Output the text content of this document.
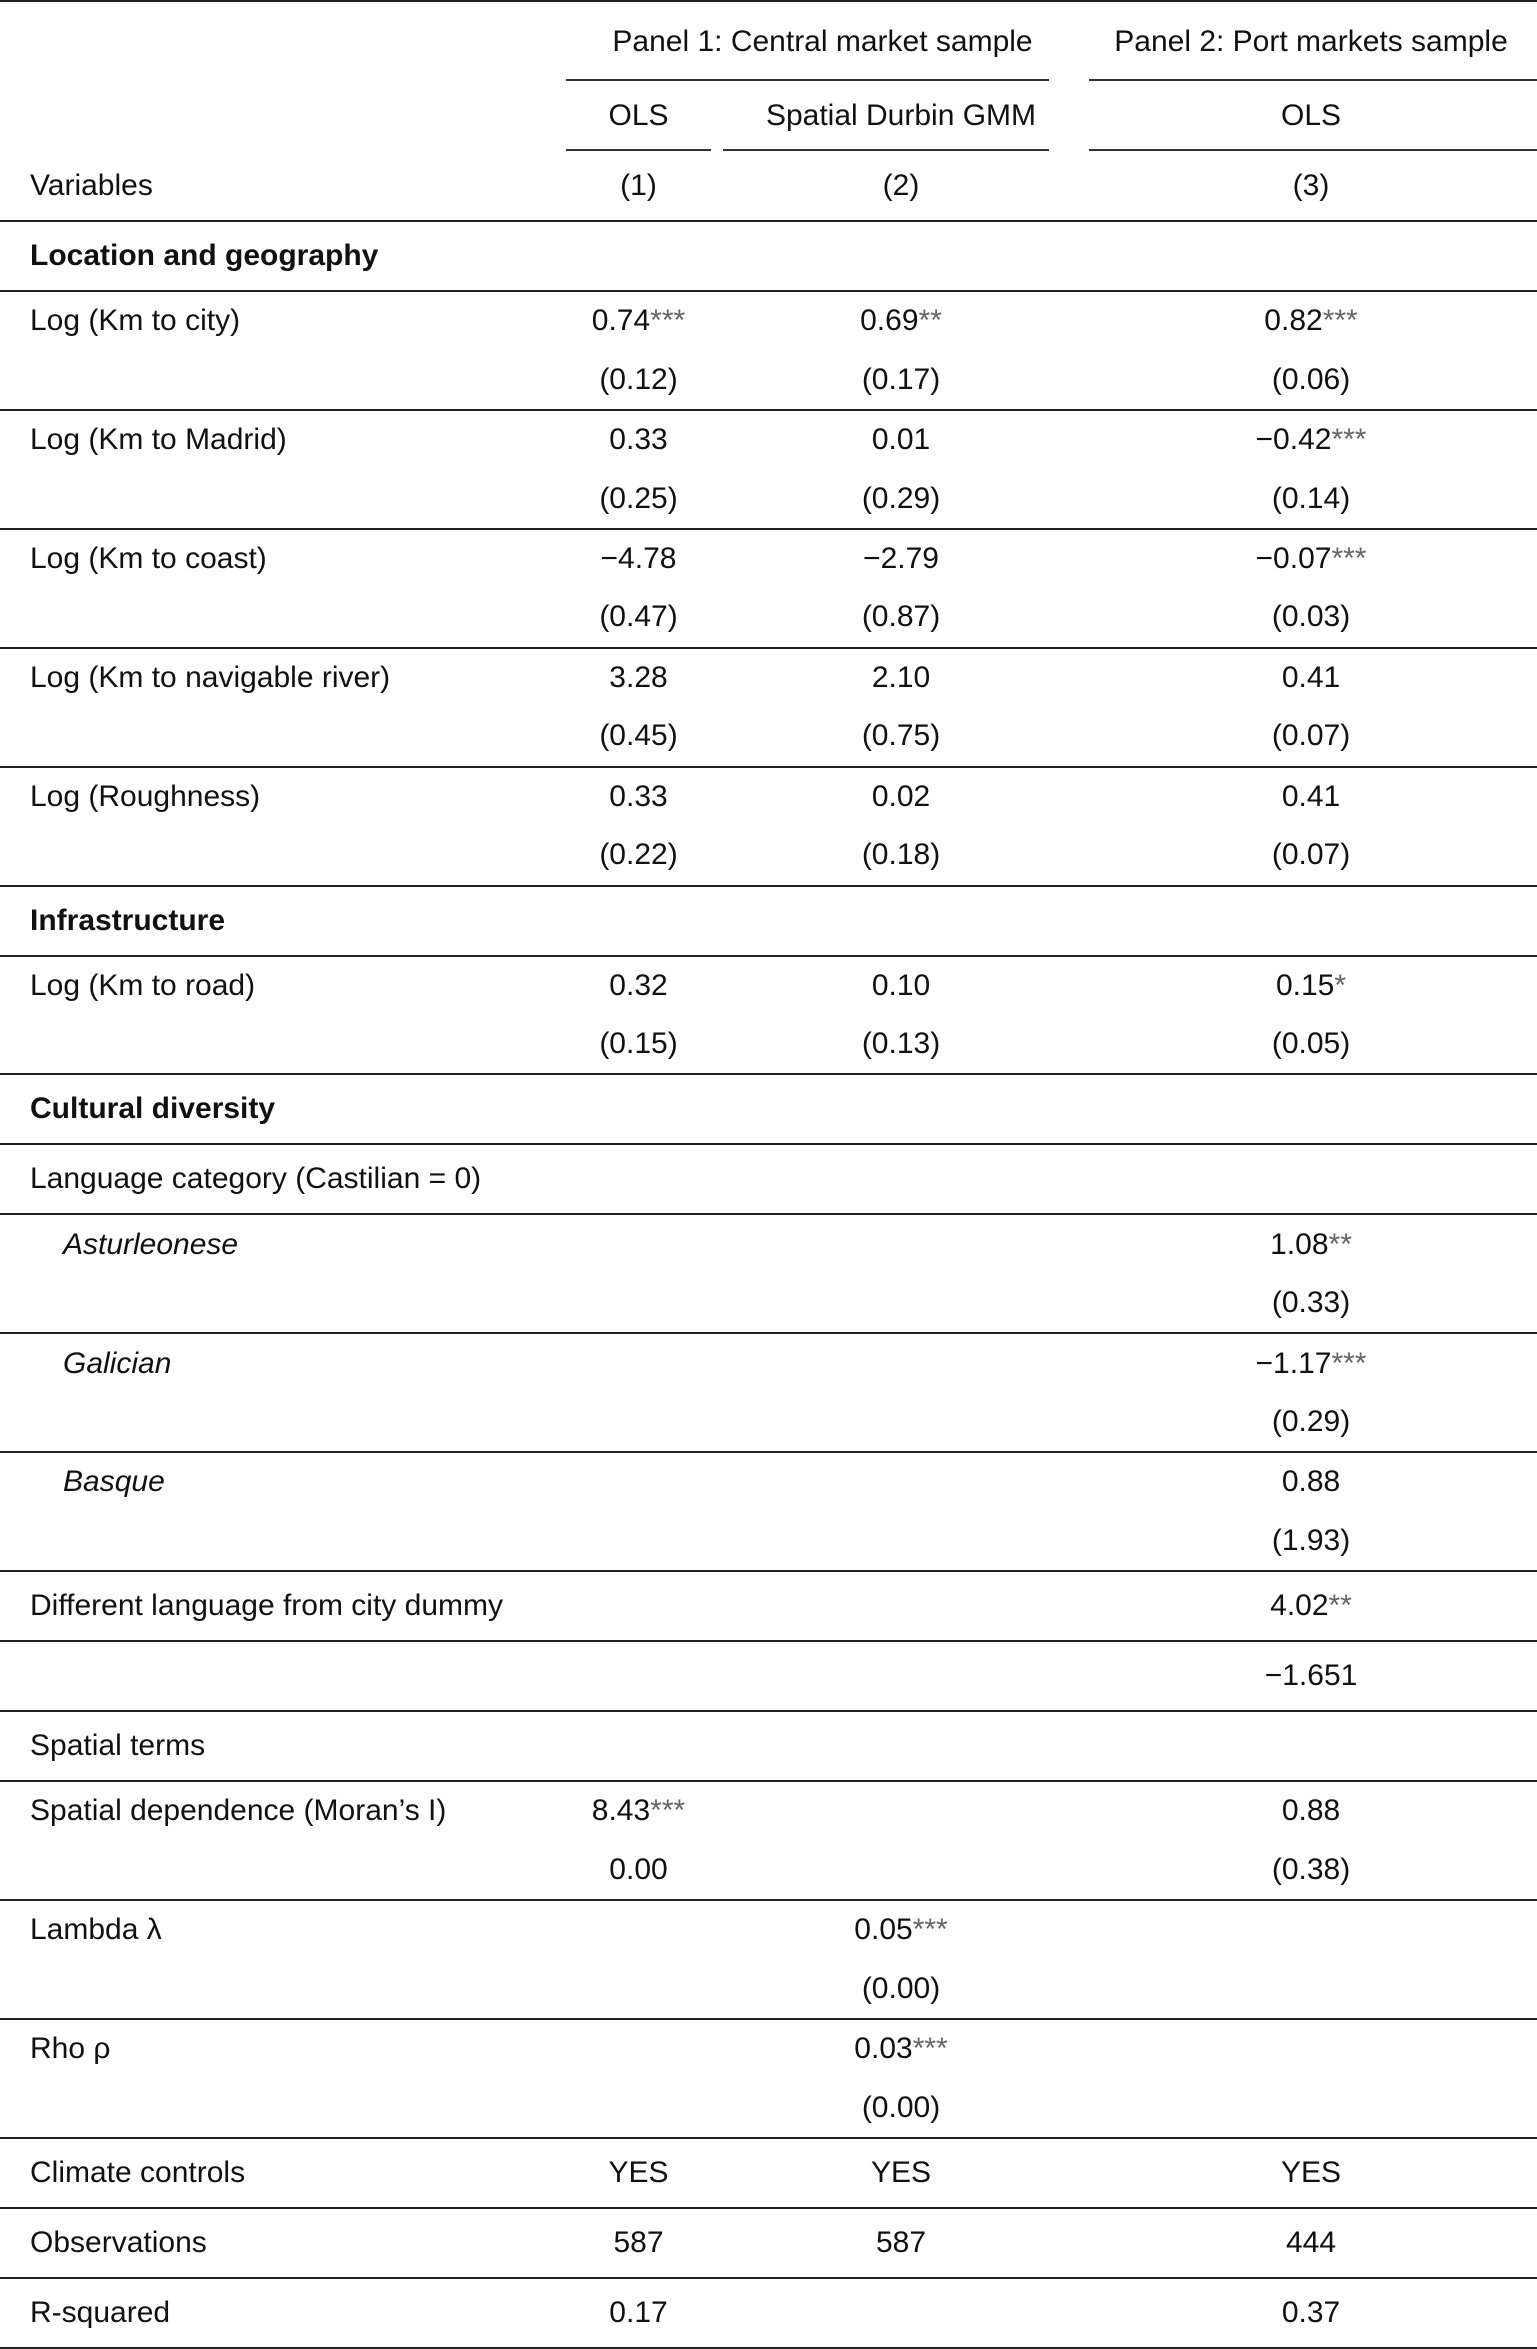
	Panel 1: Central market sample		Panel 2: Port markets sample

	OLS	Spatial Durbin GMM	OLS

Variables	(1)	(2)	(3)
Location and geography			
Log (Km to city)	0.74***	0.69**	0.82***
	(0.12)	(0.17)	(0.06)
Log (Km to Madrid)	0.33	0.01	−0.42***
	(0.25)	(0.29)	(0.14)
Log (Km to coast)	−4.78	−2.79	−0.07***
	(0.47)	(0.87)	(0.03)
Log (Km to navigable river)	3.28	2.10	0.41
	(0.45)	(0.75)	(0.07)
Log (Roughness)	0.33	0.02	0.41
	(0.22)	(0.18)	(0.07)
Infrastructure			
Log (Km to road)	0.32	0.10	0.15*
	(0.15)	(0.13)	(0.05)
Cultural diversity			
Language category (Castilian = 0)			
Asturleonese			1.08**
			(0.33)
Galician			−1.17***
			(0.29)
Basque			0.88
			(1.93)
Different language from city dummy			4.02**
			−1.651
Spatial terms			
Spatial dependence (Moran’s I)	8.43***		0.88
	0.00		(0.38)
Lambda λ		0.05***	
		(0.00)	
Rho ρ		0.03***	
		(0.00)	
Climate controls	YES	YES	YES
Observations	587	587	444
R-squared	0.17		0.37
